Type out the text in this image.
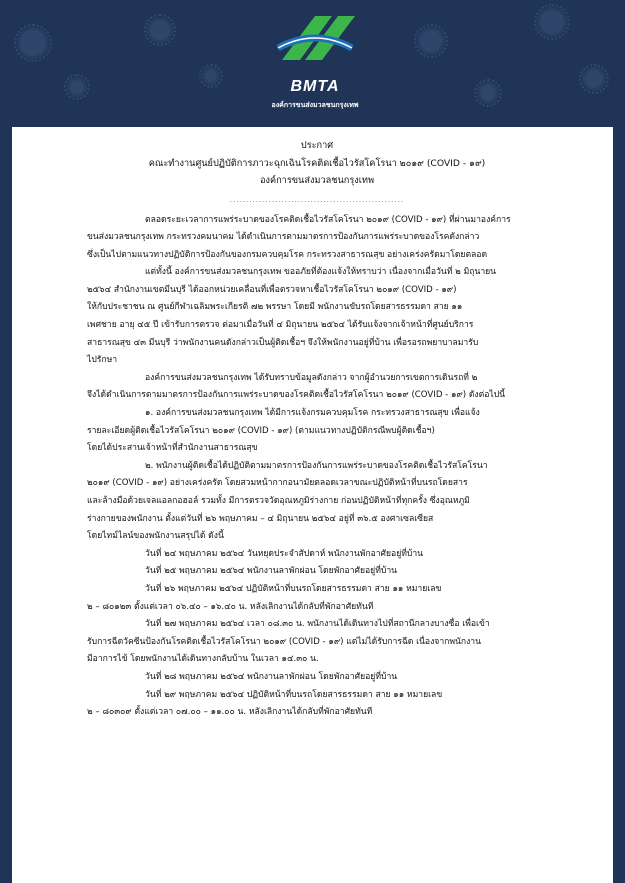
BMTA
องค์การขนส่งมวลชนกรุงเทพ
ประกาศ
คณะทำงานศูนย์ปฏิบัติการภาวะฉุกเฉินโรคติดเชื้อไวรัสโคโรนา ๒๐๑๙ (COVID - ๑๙)
องค์การขนส่งมวลชนกรุงเทพ
......................................................

ตลอดระยะเวลาการแพร่ระบาดของโรคติดเชื้อไวรัสโคโรนา ๒๐๑๙ (COVID - ๑๙) ที่ผ่านมาองค์การ

ขนส่งมวลชนกรุงเทพ กระทรวงคมนาคม ได้ดำเนินการตามมาตรการป้องกันการแพร่ระบาดของโรคดังกล่าว

ซึ่งเป็นไปตามแนวทางปฏิบัติการป้องกันของกรมควบคุมโรค กระทรวงสาธารณสุข อย่างเคร่งครัดมาโดยตลอด

แต่ทั้งนี้ องค์การขนส่งมวลชนกรุงเทพ ขออภัยที่ต้องแจ้งให้ทราบว่า เนื่องจากเมื่อวันที่ ๒ มิถุนายน

๒๕๖๔ สำนักงานเขตมีนบุรี ได้ออกหน่วยเคลื่อนที่เพื่อตรวจหาเชื้อไวรัสโคโรนา ๒๐๑๙ (COVID - ๑๙)

ให้กับประชาชน ณ ศูนย์กีฬาเฉลิมพระเกียรติ ๗๒ พรรษา โดยมี พนักงานขับรถโดยสารธรรมดา สาย ๑๑

เพศชาย อายุ ๔๕ ปี เข้ารับการตรวจ ต่อมาเมื่อวันที่ ๔ มิถุนายน ๒๕๖๔ ได้รับแจ้งจากเจ้าหน้าที่ศูนย์บริการ

สาธารณสุข ๔๓ มีนบุรี ว่าพนักงานคนดังกล่าวเป็นผู้ติดเชื้อฯ จึงให้พนักงานอยู่ที่บ้าน เพื่อรอรถพยาบาลมารับ

ไปรักษา

องค์การขนส่งมวลชนกรุงเทพ ได้รับทราบข้อมูลดังกล่าว จากผู้อำนวยการเขตการเดินรถที่ ๒

จึงได้ดำเนินการตามมาตรการป้องกันการแพร่ระบาดของโรคติดเชื้อไวรัสโคโรนา ๒๐๑๙ (COVID - ๑๙) ดังต่อไปนี้

๑. องค์การขนส่งมวลชนกรุงเทพ ได้มีการแจ้งกรมควบคุมโรค กระทรวงสาธารณสุข เพื่อแจ้ง

รายละเอียดผู้ติดเชื้อไวรัสโคโรนา ๒๐๑๙ (COVID - ๑๙) (ตามแนวทางปฏิบัติกรณีพบผู้ติดเชื้อฯ)

โดยได้ประสานเจ้าหน้าที่สำนักงานสาธารณสุข

๒. พนักงานผู้ติดเชื้อได้ปฏิบัติตามมาตรการป้องกันการแพร่ระบาดของโรคติดเชื้อไวรัสโคโรนา

๒๐๑๙ (COVID - ๑๙) อย่างเคร่งครัด โดยสวมหน้ากากอนามัยตลอดเวลาขณะปฏิบัติหน้าที่บนรถโดยสาร

และล้างมือด้วยเจลแอลกอฮอล์ รวมทั้ง มีการตรวจวัดอุณหภูมิร่างกาย ก่อนปฏิบัติหน้าที่ทุกครั้ง ซึ่งอุณหภูมิ

ร่างกายของพนักงาน ตั้งแต่วันที่ ๒๖ พฤษภาคม – ๔ มิถุนายน ๒๕๖๔ อยู่ที่ ๓๖.๕ องศาเซลเซียส

โดยไทม์ไลน์ของพนักงานสรุปได้ ดังนี้

วันที่ ๒๔ พฤษภาคม ๒๕๖๔ วันหยุดประจำสัปดาห์ พนักงานพักอาศัยอยู่ที่บ้าน

วันที่ ๒๕ พฤษภาคม ๒๕๖๔ พนักงานลาพักผ่อน โดยพักอาศัยอยู่ที่บ้าน

วันที่ ๒๖ พฤษภาคม ๒๕๖๔ ปฏิบัติหน้าที่บนรถโดยสารธรรมดา สาย ๑๑ หมายเลข

๒ – ๘๐๑๒๓ ตั้งแต่เวลา ๐๖.๔๐ – ๑๖.๔๐ น. หลังเลิกงานได้กลับที่พักอาศัยทันที

วันที่ ๒๗ พฤษภาคม ๒๕๖๔ เวลา ๐๘.๓๐ น. พนักงานได้เดินทางไปที่สถานีกลางบางซื่อ เพื่อเข้า

รับการฉีดวัคซีนป้องกันโรคติดเชื้อไวรัสโคโรนา ๒๐๑๙ (COVID - ๑๙) แต่ไม่ได้รับการฉีด เนื่องจากพนักงาน

มีอาการไข้ โดยพนักงานได้เดินทางกลับบ้าน ในเวลา ๑๔.๓๐ น.

วันที่ ๒๘ พฤษภาคม ๒๕๖๔ พนักงานลาพักผ่อน โดยพักอาศัยอยู่ที่บ้าน

วันที่ ๒๙ พฤษภาคม ๒๕๖๔ ปฏิบัติหน้าที่บนรถโดยสารธรรมดา สาย ๑๑ หมายเลข

๒ – ๘๐๓๐๙ ตั้งแต่เวลา ๐๗.๐๐ – ๑๑.๐๐ น. หลังเลิกงานได้กลับที่พักอาศัยทันที
